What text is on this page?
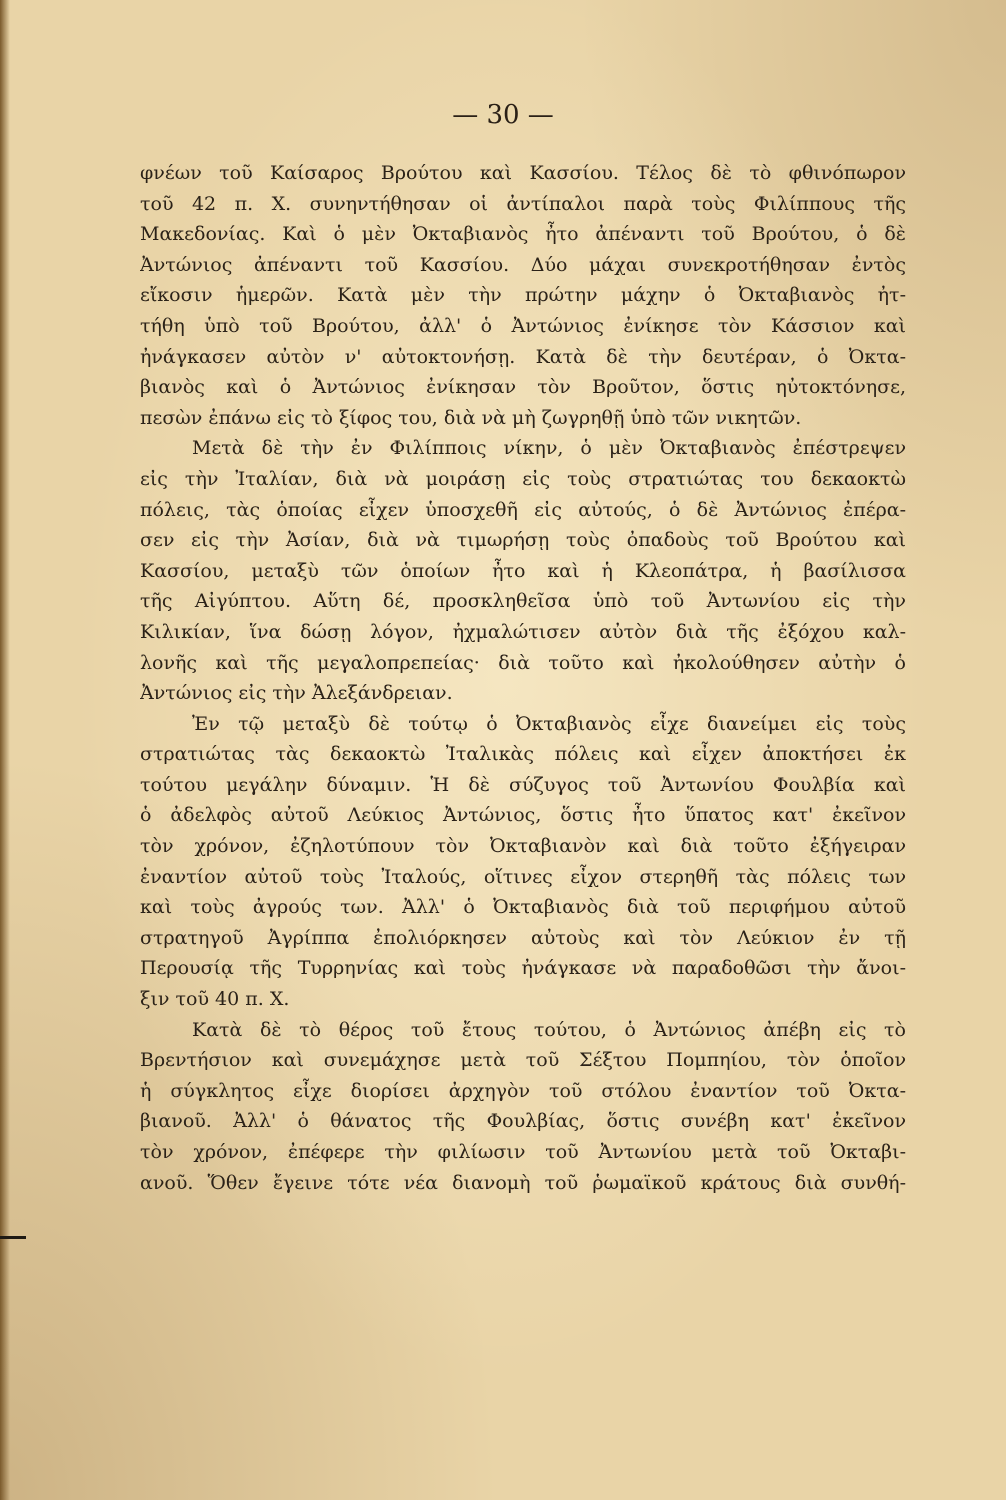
— 30 —
φνέων τοῦ Καίσαρος Βρούτου καὶ Κασσίου. Τέλος δὲ τὸ φθινόπωρον
τοῦ 42 π. Χ. συνηντήθησαν οἱ ἀντίπαλοι παρὰ τοὺς Φιλίππους τῆς
Μακεδονίας. Καὶ ὁ μὲν Ὀκταβιανὸς ἦτο ἀπέναντι τοῦ Βρούτου, ὁ δὲ
Ἀντώνιος ἀπέναντι τοῦ Κασσίου. Δύο μάχαι συνεκροτήθησαν ἐντὸς
εἴκοσιν ἡμερῶν. Κατὰ μὲν τὴν πρώτην μάχην ὁ Ὀκταβιανὸς ἠτ-
τήθη ὑπὸ τοῦ Βρούτου, ἀλλ' ὁ Ἀντώνιος ἐνίκησε τὸν Κάσσιον καὶ
ἠνάγκασεν αὐτὸν ν' αὐτοκτονήσῃ. Κατὰ δὲ τὴν δευτέραν, ὁ Ὀκτα-
βιανὸς καὶ ὁ Ἀντώνιος ἐνίκησαν τὸν Βροῦτον, ὅστις ηὐτοκτόνησε,
πεσὼν ἐπάνω εἰς τὸ ξίφος του, διὰ νὰ μὴ ζωγρηθῇ ὑπὸ τῶν νικητῶν.
Μετὰ δὲ τὴν ἐν Φιλίπποις νίκην, ὁ μὲν Ὀκταβιανὸς ἐπέστρεψεν
εἰς τὴν Ἰταλίαν, διὰ νὰ μοιράσῃ εἰς τοὺς στρατιώτας του δεκαοκτὼ
πόλεις, τὰς ὁποίας εἶχεν ὑποσχεθῆ εἰς αὐτούς, ὁ δὲ Ἀντώνιος ἐπέρα-
σεν εἰς τὴν Ἀσίαν, διὰ νὰ τιμωρήσῃ τοὺς ὀπαδοὺς τοῦ Βρούτου καὶ
Κασσίου, μεταξὺ τῶν ὁποίων ἦτο καὶ ἡ Κλεοπάτρα, ἡ βασίλισσα
τῆς Αἰγύπτου. Αὕτη δέ, προσκληθεῖσα ὑπὸ τοῦ Ἀντωνίου εἰς τὴν
Κιλικίαν, ἵνα δώσῃ λόγον, ἠχμαλώτισεν αὐτὸν διὰ τῆς ἐξόχου καλ-
λονῆς καὶ τῆς μεγαλοπρεπείας· διὰ τοῦτο καὶ ἠκολούθησεν αὐτὴν ὁ
Ἀντώνιος εἰς τὴν Ἀλεξάνδρειαν.
Ἐν τῷ μεταξὺ δὲ τούτῳ ὁ Ὀκταβιανὸς εἶχε διανείμει εἰς τοὺς
στρατιώτας τὰς δεκαοκτὼ Ἰταλικὰς πόλεις καὶ εἶχεν ἀποκτήσει ἐκ
τούτου μεγάλην δύναμιν. Ἡ δὲ σύζυγος τοῦ Ἀντωνίου Φουλβία καὶ
ὁ ἀδελφὸς αὐτοῦ Λεύκιος Ἀντώνιος, ὅστις ἦτο ὕπατος κατ' ἐκεῖνον
τὸν χρόνον, ἐζηλοτύπουν τὸν Ὀκταβιανὸν καὶ διὰ τοῦτο ἐξήγειραν
ἐναντίον αὐτοῦ τοὺς Ἰταλούς, οἵτινες εἶχον στερηθῆ τὰς πόλεις των
καὶ τοὺς ἀγρούς των. Ἀλλ' ὁ Ὀκταβιανὸς διὰ τοῦ περιφήμου αὐτοῦ
στρατηγοῦ Ἀγρίππα ἐπολιόρκησεν αὐτοὺς καὶ τὸν Λεύκιον ἐν τῇ
Περουσίᾳ τῆς Τυρρηνίας καὶ τοὺς ἠνάγκασε νὰ παραδοθῶσι τὴν ἄνοι-
ξιν τοῦ 40 π. Χ.
Κατὰ δὲ τὸ θέρος τοῦ ἔτους τούτου, ὁ Ἀντώνιος ἀπέβη εἰς τὸ
Βρεντήσιον καὶ συνεμάχησε μετὰ τοῦ Σέξτου Πομπηίου, τὸν ὁποῖον
ἡ σύγκλητος εἶχε διορίσει ἀρχηγὸν τοῦ στόλου ἐναντίον τοῦ Ὀκτα-
βιανοῦ. Ἀλλ' ὁ θάνατος τῆς Φουλβίας, ὅστις συνέβη κατ' ἐκεῖνον
τὸν χρόνον, ἐπέφερε τὴν φιλίωσιν τοῦ Ἀντωνίου μετὰ τοῦ Ὀκταβι-
ανοῦ. Ὅθεν ἔγεινε τότε νέα διανομὴ τοῦ ῥωμαϊκοῦ κράτους διὰ συνθή-
